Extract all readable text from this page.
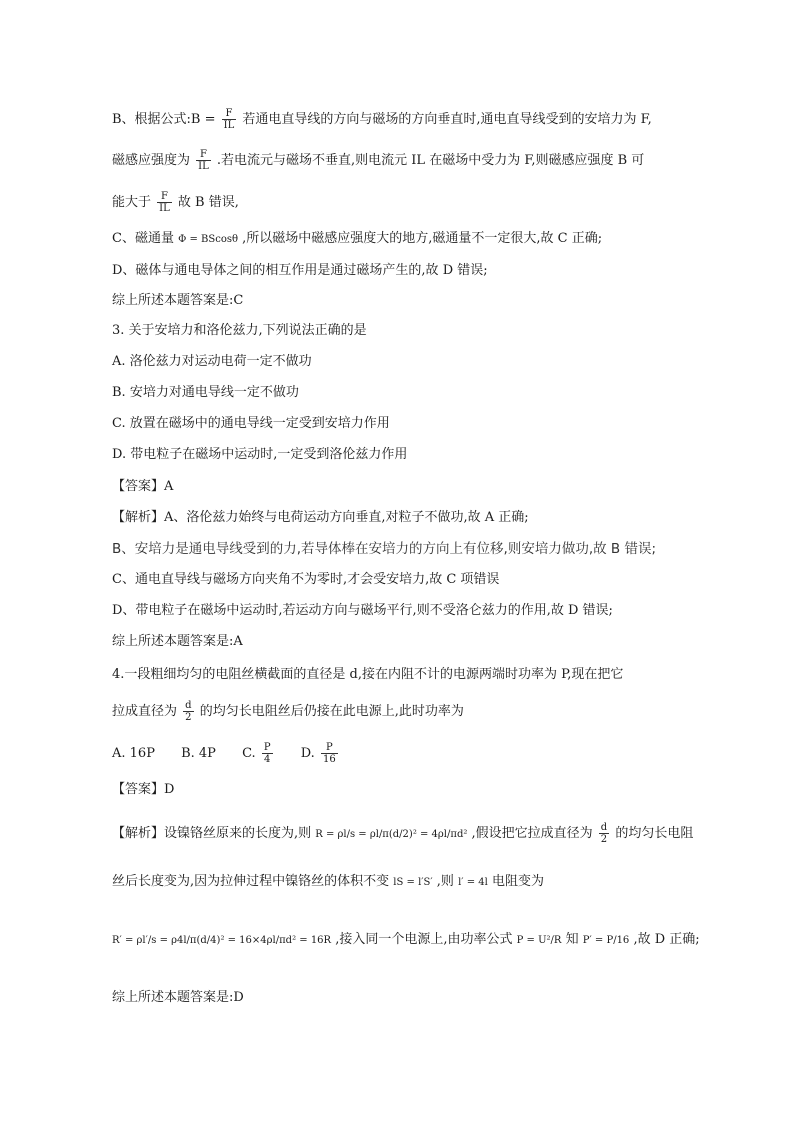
B、根据公式:B = $\frac{F}{IL}$ 若通电直导线的方向与磁场的方向垂直时,通电直导线受到的安培力为 F,
磁感应强度为 $\frac{F}{IL}$ .若电流元与磁场不垂直,则电流元 IL 在磁场中受力为 F,则磁感应强度 B 可
能大于 $\frac{F}{IL}$ 故 B 错误,
C、磁通量 Φ = BScosθ ,所以磁场中磁感应强度大的地方,磁通量不一定很大,故 C 正确;
D、磁体与通电导体之间的相互作用是通过磁场产生的,故 D 错误;
综上所述本题答案是:C
3. 关于安培力和洛伦兹力,下列说法正确的是
A. 洛伦兹力对运动电荷一定不做功
B. 安培力对通电导线一定不做功
C. 放置在磁场中的通电导线一定受到安培力作用
D. 带电粒子在磁场中运动时,一定受到洛伦兹力作用
【答案】A
【解析】A、洛伦兹力始终与电荷运动方向垂直,对粒子不做功,故 A 正确;
B、安培力是通电导线受到的力,若导体棒在安培力的方向上有位移,则安培力做功,故 B 错误;
C、通电直导线与磁场方向夹角不为零时,才会受安培力,故 C 项错误
D、带电粒子在磁场中运动时,若运动方向与磁场平行,则不受洛仑兹力的作用,故 D 错误;
综上所述本题答案是:A
4.一段粗细均匀的电阻丝横截面的直径是 d,接在内阻不计的电源两端时功率为 P,现在把它
拉成直径为 $\frac{d}{2}$ 的均匀长电阻丝后仍接在此电源上,此时功率为
A. 16P B. 4P C. $\frac{P}{4} D$. $\frac{P}{16}$
【答案】D
【解析】设镍铬丝原来的长度为,则 R = ρl/s = ρl/π(d/2)² = 4ρl/πd² ,假设把它拉成直径为 $\frac{d}{2}$ 的均匀长电阻
丝后长度变为,因为拉伸过程中镍铬丝的体积不变 lS = l′S′ ,则 l′ = 4l 电阻变为
R′ = ρl′/s = ρ4l/π(d/4)² = 16×4ρl/πd² = 16R ,接入同一个电源上,由功率公式 P = U²/R 知 P′ = P/16 ,故 D 正确;
综上所述本题答案是:D
